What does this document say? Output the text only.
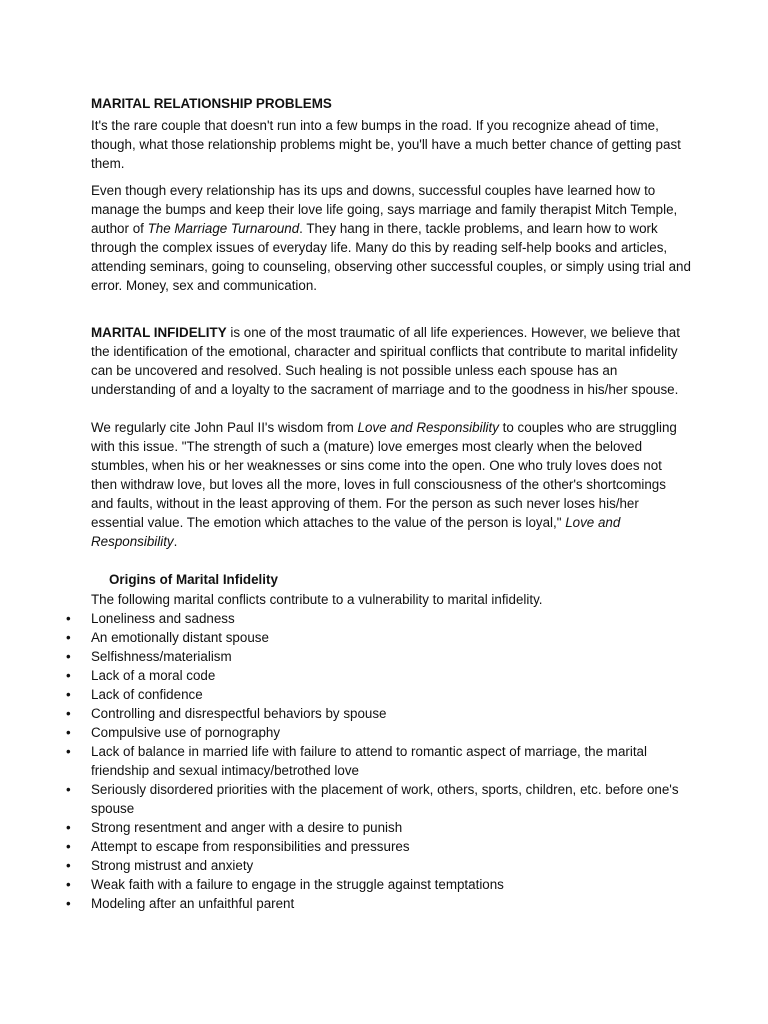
MARITAL RELATIONSHIP PROBLEMS

It's the rare couple that doesn't run into a few bumps in the road. If you recognize ahead of time, though, what those relationship problems might be, you'll have a much better chance of getting past them.

Even though every relationship has its ups and downs, successful couples have learned how to manage the bumps and keep their love life going, says marriage and family therapist Mitch Temple, author of The Marriage Turnaround. They hang in there, tackle problems, and learn how to work through the complex issues of everyday life. Many do this by reading self-help books and articles, attending seminars, going to counseling, observing other successful couples, or simply using trial and error. Money, sex and communication.

MARITAL INFIDELITY is one of the most traumatic of all life experiences. However, we believe that the identification of the emotional, character and spiritual conflicts that contribute to marital infidelity can be uncovered and resolved. Such healing is not possible unless each spouse has an understanding of and a loyalty to the sacrament of marriage and to the goodness in his/her spouse.

We regularly cite John Paul II's wisdom from Love and Responsibility to couples who are struggling with this issue. "The strength of such a (mature) love emerges most clearly when the beloved stumbles, when his or her weaknesses or sins come into the open. One who truly loves does not then withdraw love, but loves all the more, loves in full consciousness of the other's shortcomings and faults, without in the least approving of them. For the person as such never loses his/her essential value. The emotion which attaches to the value of the person is loyal," Love and Responsibility.

Origins of Marital Infidelity

The following marital conflicts contribute to a vulnerability to marital infidelity.

• Loneliness and sadness
• An emotionally distant spouse
• Selfishness/materialism
• Lack of a moral code
• Lack of confidence
• Controlling and disrespectful behaviors by spouse
• Compulsive use of pornography
• Lack of balance in married life with failure to attend to romantic aspect of marriage, the marital friendship and sexual intimacy/betrothed love
• Seriously disordered priorities with the placement of work, others, sports, children, etc. before one's spouse
• Strong resentment and anger with a desire to punish
• Attempt to escape from responsibilities and pressures
• Strong mistrust and anxiety
• Weak faith with a failure to engage in the struggle against temptations
• Modeling after an unfaithful parent
